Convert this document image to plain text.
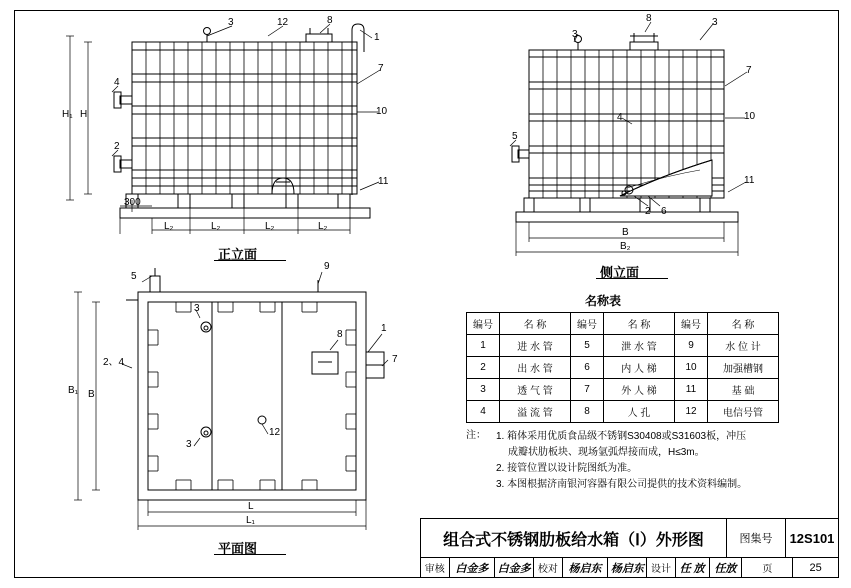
3	12	8
1
4
7
10
2
11
H₁ H
300
L₂	L₂	L₂	L₂
正立面
8	3
3
7
4	10
5
2 6
11
B
B₂
侧立面
5
9
3
8
1
7
2、4
3
12
B₁ B
L
L₁
平面图
名称表
编号	名 称	编号	名 称	编号	名 称
1	进 水 管	5	泄 水 管	9	水 位 计
2	出 水 管	6	内 人 梯	10	加强槽钢
3	透 气 管	7	外 人 梯	11	基 础
4	溢 流 管	8	人 孔	12	电信号管

注：	1. 箱体采用优质食品级不锈钢S30408或S31603板，冲压

成瓣状肋板块、现场氩弧焊接而成，H≤3m。

2. 接管位置以设计院图纸为准。

3. 本图根据济南银河容器有限公司提供的技术资料编制。

组合式不锈钢肋板给水箱（Ⅰ）外形图	图集号	12S101
审核 白金多 白金多 校对 杨启东 杨启东 设计 任 放 任放	页	25
